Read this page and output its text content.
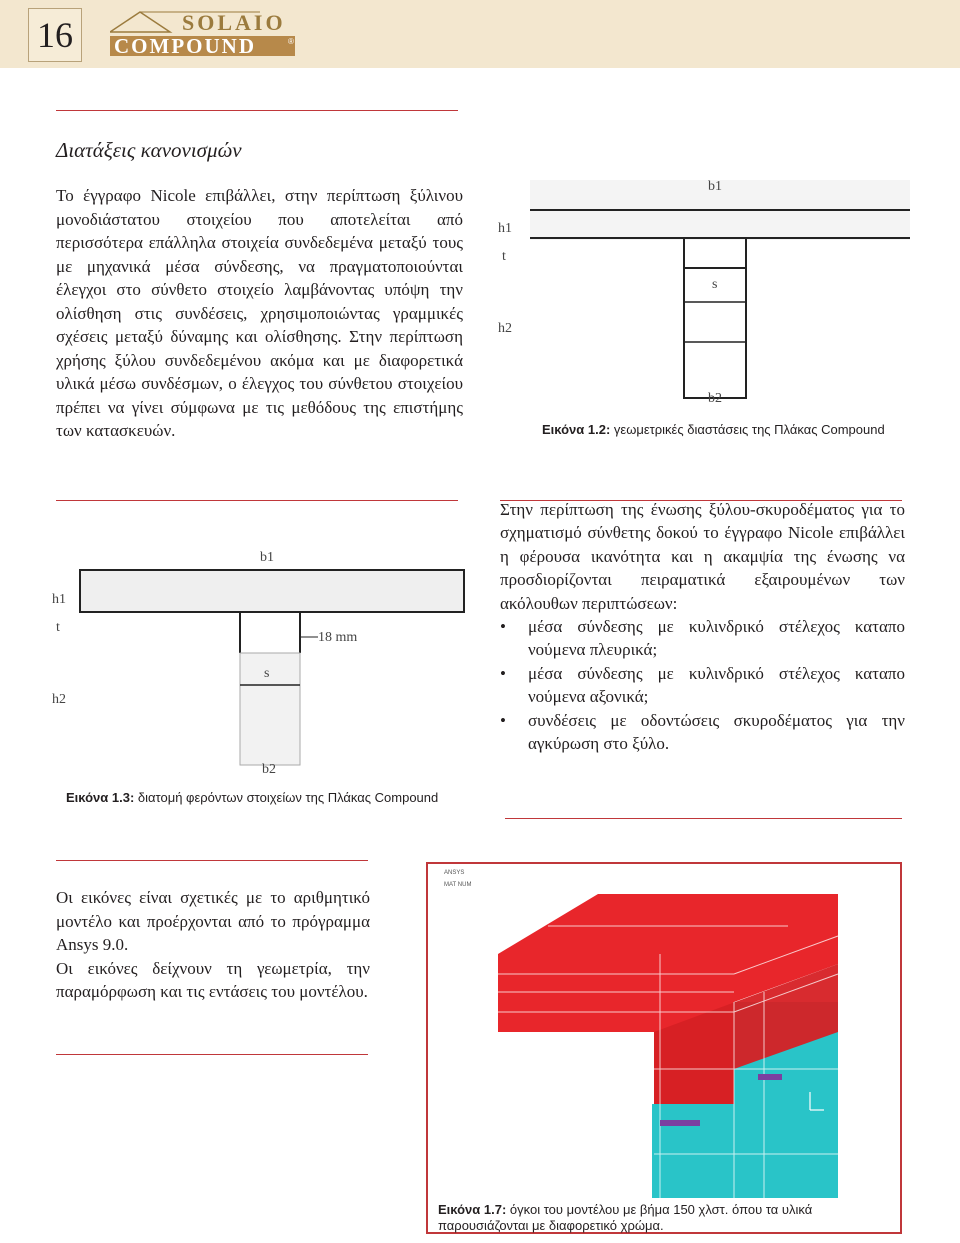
16	SOLAIO
COMPOUND	®
Διατάξεις κανονισμών
Το έγγραφο Nicole επιβάλλει, στην περίπτωση ξύλινου μονοδιάστατου στοιχείου που αποτελείται από περισσότερα επάλληλα στοιχεία συνδεδεμένα μεταξύ τους με μηχανικά μέσα σύνδεσης, να πραγματοποιούνται έλεγχοι στο σύνθετο στοιχείο λαμβάνοντας υπόψη την ολίσθηση στις συνδέσεις, χρησιμοποιώντας γραμμικές σχέσεις μεταξύ δύναμης και ολίσθησης. Στην περίπτωση χρήσης ξύλου συνδεδεμένου ακόμα και με διαφορετικά υλικά μέσω συνδέσμων, ο έλεγχος του σύνθετου στοιχείου πρέπει να γίνει σύμφωνα με τις μεθόδους της επιστήμης των κατασκευών.
b1
h1
t
h2
s
b2
Εικόνα 1.2: γεωμετρικές διαστάσεις της Πλάκας Compound
b1
h1
t
18 mm
s
h2
b2
Εικόνα 1.3: διατομή φερόντων στοιχείων της Πλάκας Compound
Στην περίπτωση της ένωσης ξύλου-σκυροδέματος για το σχηματισμό σύνθετης δοκού το έγγραφο Nicole επιβάλλει η φέρουσα ικανότητα και η ακαμψία της ένωσης να προσδιορίζονται πειραματικά εξαιρουμένων των ακόλουθων περιπτώσεων:
• μέσα σύνδεσης με κυλινδρικό στέλεχος καταπο νούμενα πλευρικά;
• μέσα σύνδεσης με κυλινδρικό στέλεχος καταπο νούμενα αξονικά;
• συνδέσεις με οδοντώσεις σκυροδέματος για την αγκύρωση στο ξύλο.
Οι εικόνες είναι σχετικές με το αριθμητικό μοντέλο και προέρχονται από το πρόγραμμα Ansys 9.0.
Οι εικόνες δείχνουν τη γεωμετρία, την παραμόρφωση και τις εντάσεις του μοντέλου.
ANSYS
MAT NUM
Εικόνα 1.7: όγκοι του μοντέλου με βήμα 150 χλστ. όπου τα υλικά παρουσιάζονται με διαφορετικό χρώμα.
